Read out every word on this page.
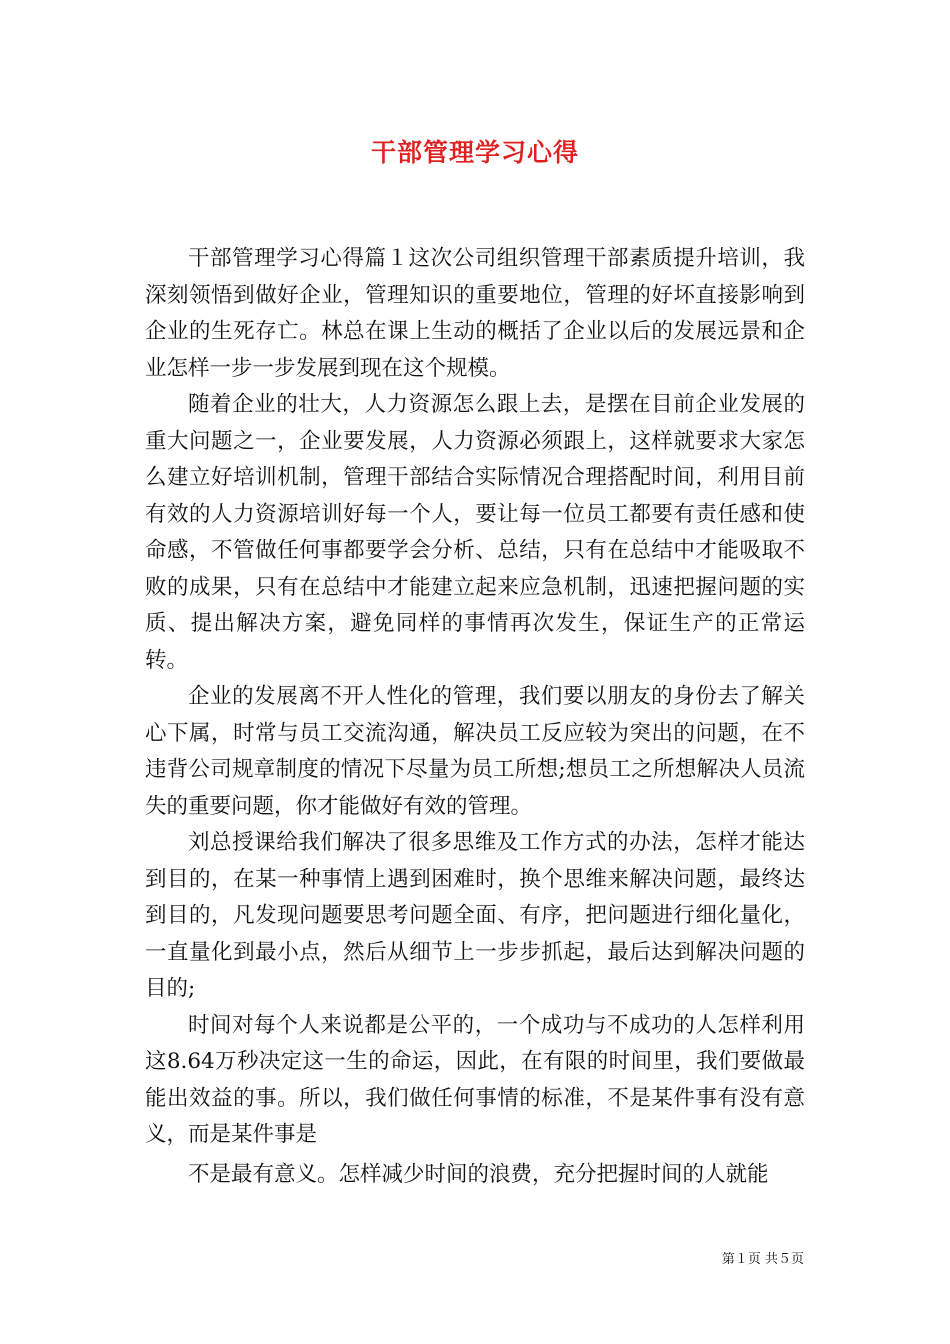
干部管理学习心得

干部管理学习心得篇１这次公司组织管理干部素质提升培训，我深刻领悟到做好企业，管理知识的重要地位，管理的好坏直接影响到企业的生死存亡。林总在课上生动的概括了企业以后的发展远景和企业怎样一步一步发展到现在这个规模。

随着企业的壮大，人力资源怎么跟上去，是摆在目前企业发展的重大问题之一，企业要发展，人力资源必须跟上，这样就要求大家怎么建立好培训机制，管理干部结合实际情况合理搭配时间，利用目前有效的人力资源培训好每一个人，要让每一位员工都要有责任感和使命感，不管做任何事都要学会分析、总结，只有在总结中才能吸取不败的成果，只有在总结中才能建立起来应急机制，迅速把握问题的实质、提出解决方案，避免同样的事情再次发生，保证生产的正常运转。

企业的发展离不开人性化的管理，我们要以朋友的身份去了解关心下属，时常与员工交流沟通，解决员工反应较为突出的问题，在不违背公司规章制度的情况下尽量为员工所想;想员工之所想解决人员流失的重要问题，你才能做好有效的管理。

刘总授课给我们解决了很多思维及工作方式的办法，怎样才能达到目的，在某一种事情上遇到困难时，换个思维来解决问题，最终达到目的，凡发现问题要思考问题全面、有序，把问题进行细化量化，一直量化到最小点，然后从细节上一步步抓起，最后达到解决问题的目的;

时间对每个人来说都是公平的，一个成功与不成功的人怎样利用这8.64万秒决定这一生的命运，因此，在有限的时间里，我们要做最能出效益的事。所以，我们做任何事情的标准，不是某件事有没有意义，而是某件事是

不是最有意义。怎样减少时间的浪费，充分把握时间的人就能

第１页 共５页
